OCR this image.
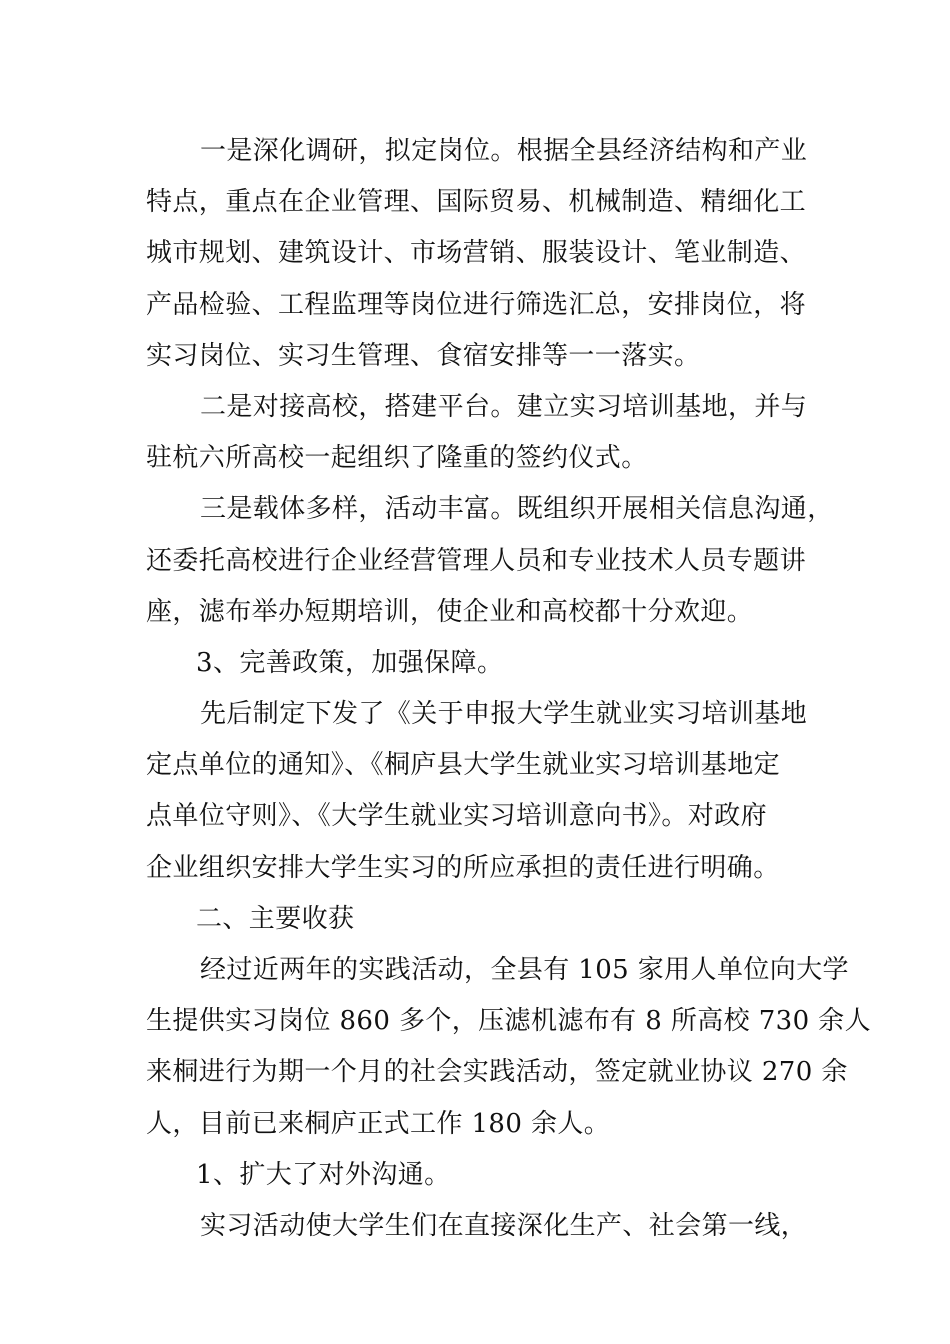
一是深化调研，拟定岗位。根据全县经济结构和产业
特点，重点在企业管理、国际贸易、机械制造、精细化工
城市规划、建筑设计、市场营销、服装设计、笔业制造、
产品检验、工程监理等岗位进行筛选汇总，安排岗位，将
实习岗位、实习生管理、食宿安排等一一落实。
二是对接高校，搭建平台。建立实习培训基地，并与
驻杭六所高校一起组织了隆重的签约仪式。
三是载体多样，活动丰富。既组织开展相关信息沟通，
还委托高校进行企业经营管理人员和专业技术人员专题讲
座，滤布举办短期培训，使企业和高校都十分欢迎。
3、完善政策，加强保障。
先后制定下发了《关于申报大学生就业实习培训基地
定点单位的通知》、《桐庐县大学生就业实习培训基地定
点单位守则》、《大学生就业实习培训意向书》。对政府
企业组织安排大学生实习的所应承担的责任进行明确。
二、主要收获
经过近两年的实践活动，全县有 105 家用人单位向大学
生提供实习岗位 860 多个，压滤机滤布有 8 所高校 730 余人
来桐进行为期一个月的社会实践活动，签定就业协议 270 余
人，目前已来桐庐正式工作 180 余人。
1、扩大了对外沟通。
实习活动使大学生们在直接深化生产、社会第一线，
